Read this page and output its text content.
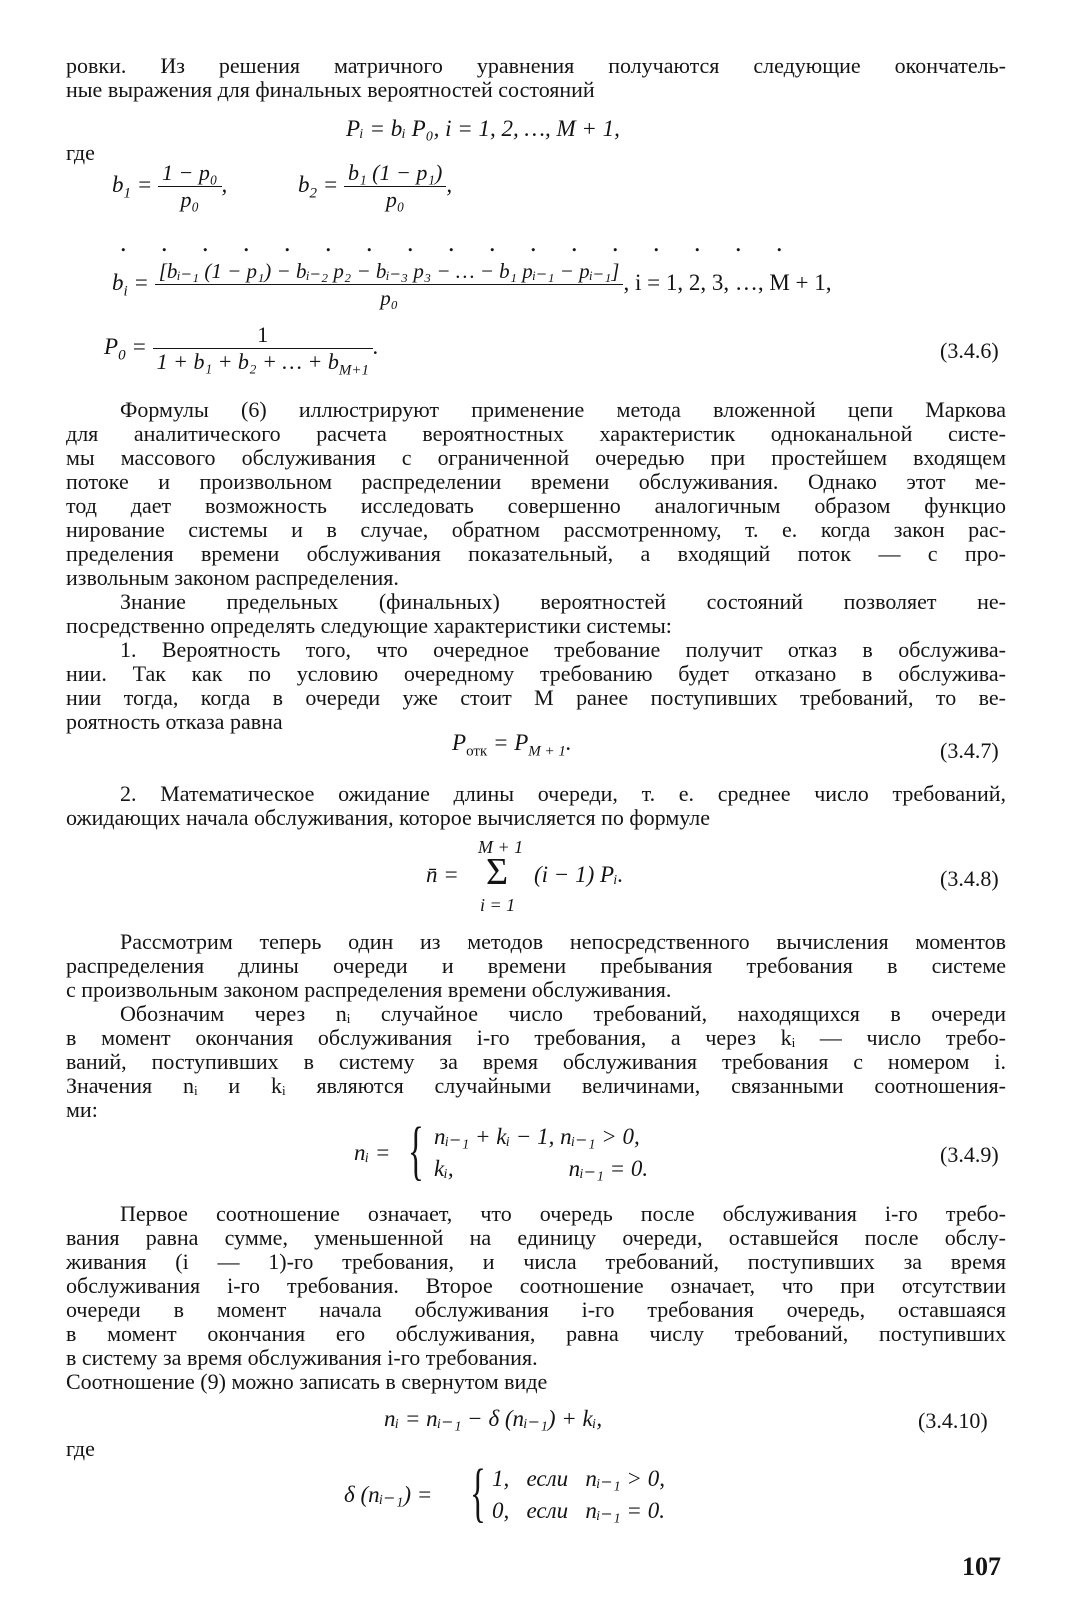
ровки. Из решения матричного уравнения получаются следующие окончатель-
ные выражения для финальных вероятностей состояний
Pᵢ = bᵢ P₀, i = 1, 2, …, M + 1,
где
$b_1 = \frac{\text{1 − p₀}}{\text{p₀}}$ ,	$b_2 = \frac{\text{b₁ (1 − p₁)}}{\text{p₀}}$ ,
. . . . . . . . . . . . . . . . .
$b_i = \frac{\text{[bᵢ₋₁ (1 − p₁) − bᵢ₋₂ p₂ − bᵢ₋₃ p₃ − … − b₁ pᵢ₋₁ − pᵢ₋₁]}}{\text{p₀}}$ , i = 1, 2, 3, …, M + 1,
$P_0 = \frac{1}{1 + b_1 + b_2 + \dots + b_{M+1}}$ .	(3.4.6)
Формулы (6) иллюстрируют применение метода вложенной цепи Маркова
для аналитического расчета вероятностных характеристик одноканальной систе-
мы массового обслуживания с ограниченной очередью при простейшем входящем
потоке и произвольном распределении времени обслуживания. Однако этот ме-
тод дает возможность исследовать совершенно аналогичным образом функцио
нирование системы и в случае, обратном рассмотренному, т. е. когда закон рас-
пределения времени обслуживания показательный, а входящий поток — с про-
извольным законом распределения.
Знание предельных (финальных) вероятностей состояний позволяет не-
посредственно определять следующие характеристики системы:
1. Вероятность того, что очередное требование получит отказ в обслужива-
нии. Так как по условию очередному требованию будет отказано в обслужива-
нии тогда, когда в очереди уже стоит М ранее поступивших требований, то ве-
роятность отказа равна
$P_{отк} = P_{M + 1}$.	(3.4.7)
2. Математическое ожидание длины очереди, т. е. среднее число требований,
ожидающих начала обслуживания, которое вычисляется по формуле
M + 1
n̄ = Σ (i − 1) Pᵢ.
i = 1
(3.4.8)
Рассмотрим теперь один из методов непосредственного вычисления моментов
распределения длины очереди и времени пребывания требования в системе
с произвольным законом распределения времени обслуживания.
Обозначим через nᵢ случайное число требований, находящихся в очереди
в момент окончания обслуживания i-го требования, а через kᵢ — число требо-
ваний, поступивших в систему за время обслуживания требования с номером i.
Значения nᵢ и kᵢ являются случайными величинами, связанными соотношения-
ми:
nᵢ = { nᵢ₋₁ + kᵢ − 1, nᵢ₋₁ > 0,
kᵢ,                    nᵢ₋₁ = 0.
(3.4.9)
Первое соотношение означает, что очередь после обслуживания i-го требо-
вания равна сумме, уменьшенной на единицу очереди, оставшейся после обслу-
живания (i — 1)-го требования, и числа требований, поступивших за время
обслуживания i-го требования. Второе соотношение означает, что при отсутствии
очереди в момент начала обслуживания i-го требования очередь, оставшаяся
в момент окончания его обслуживания, равна числу требований, поступивших
в систему за время обслуживания i-го требования.
Соотношение (9) можно записать в свернутом виде
nᵢ = nᵢ₋₁ − δ (nᵢ₋₁) + kᵢ,	(3.4.10)
где
δ (nᵢ₋₁) = { 1,   если   nᵢ₋₁ > 0,
0,   если   nᵢ₋₁ = 0.
107
